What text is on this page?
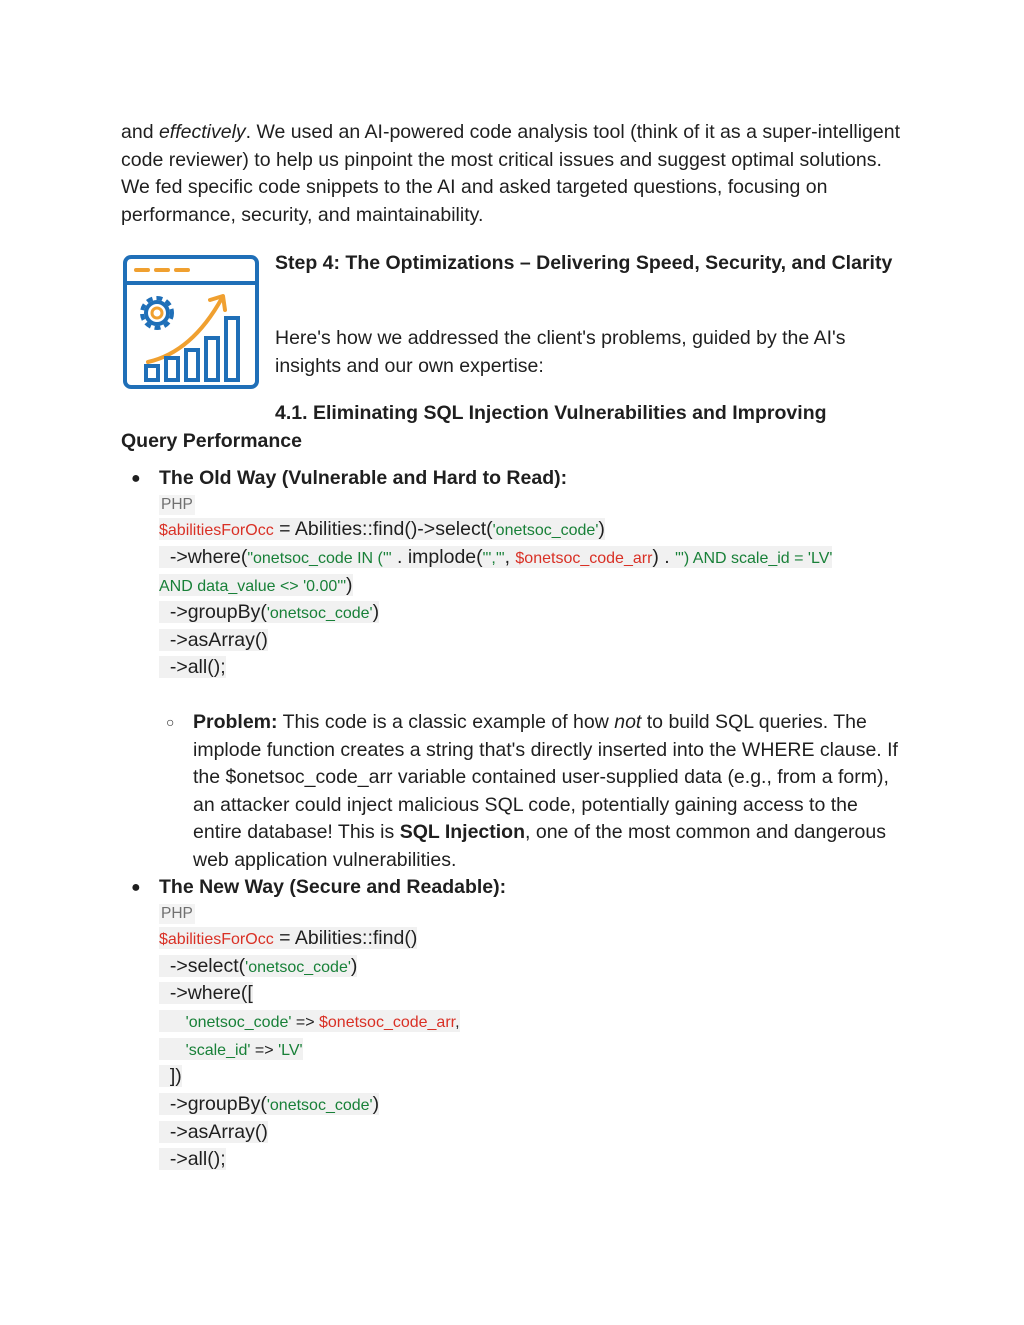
and effectively. We used an AI-powered code analysis tool (think of it as a super-intelligent code reviewer) to help us pinpoint the most critical issues and suggest optimal solutions. We fed specific code snippets to the AI and asked targeted questions, focusing on performance, security, and maintainability.

Step 4: The Optimizations – Delivering Speed, Security, and Clarity

Here's how we addressed the client's problems, guided by the AI's insights and our own expertise:

4.1. Eliminating SQL Injection Vulnerabilities and Improving
Query Performance
● The Old Way (Vulnerable and Hard to Read):
PHP
$abilitiesForOcc = Abilities::find()->select('onetsoc_code')
->where("onetsoc_code IN ('" . implode("','", $onetsoc_code_arr) . "') AND scale_id = 'LV'
AND data_value <> '0.00'")
->groupBy('onetsoc_code')
->asArray()
->all();
○ Problem: This code is a classic example of how not to build SQL queries. The implode function creates a string that's directly inserted into the WHERE clause. If the $onetsoc_code_arr variable contained user-supplied data (e.g., from a form), an attacker could inject malicious SQL code, potentially gaining access to the entire database! This is SQL Injection, one of the most common and dangerous web application vulnerabilities.

● The New Way (Secure and Readable):
PHP
$abilitiesForOcc = Abilities::find()
->select('onetsoc_code')
->where([
'onetsoc_code' => $onetsoc_code_arr,
'scale_id' => 'LV'
])
->groupBy('onetsoc_code')
->asArray()
->all();
